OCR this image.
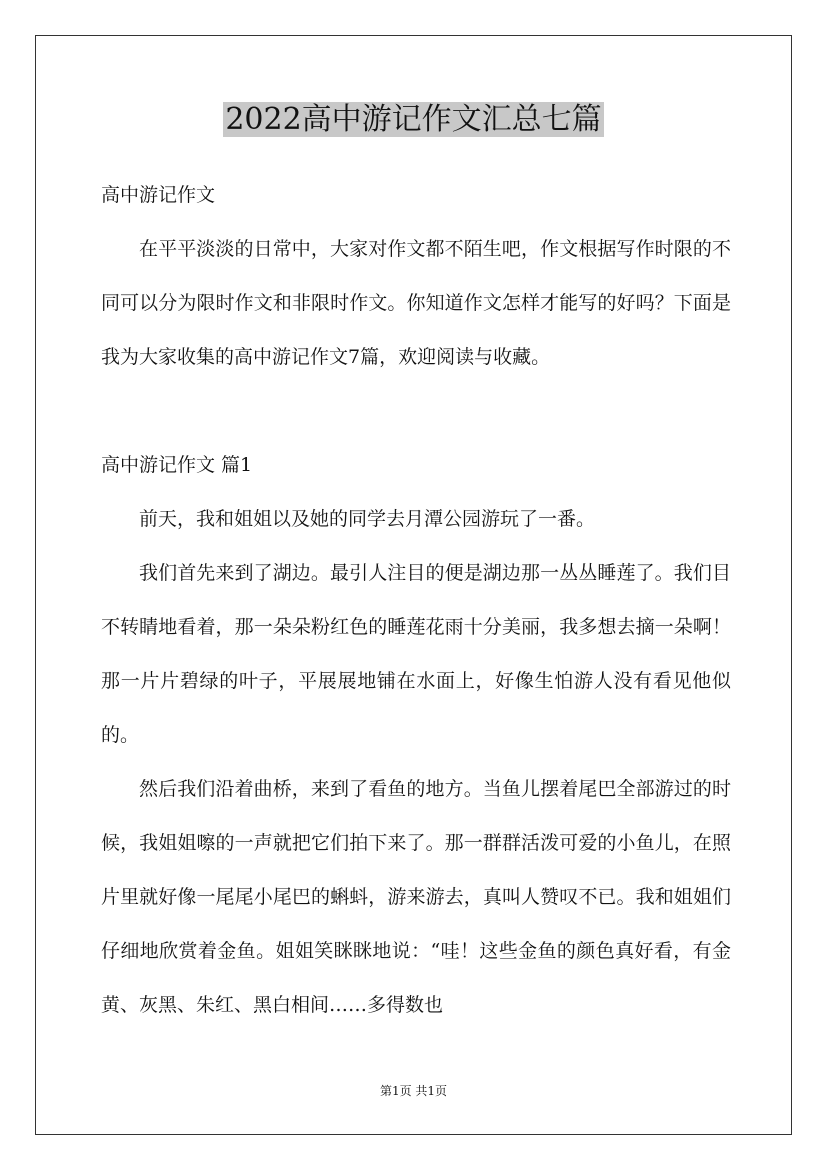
2022高中游记作文汇总七篇

高中游记作文

在平平淡淡的日常中，大家对作文都不陌生吧，作文根据写作时限的不同可以分为限时作文和非限时作文。你知道作文怎样才能写的好吗？下面是我为大家收集的高中游记作文7篇，欢迎阅读与收藏。

高中游记作文 篇1

前天，我和姐姐以及她的同学去月潭公园游玩了一番。

我们首先来到了湖边。最引人注目的便是湖边那一丛丛睡莲了。我们目不转睛地看着，那一朵朵粉红色的睡莲花雨十分美丽，我多想去摘一朵啊！那一片片碧绿的叶子，平展展地铺在水面上，好像生怕游人没有看见他似的。

然后我们沿着曲桥，来到了看鱼的地方。当鱼儿摆着尾巴全部游过的时候，我姐姐嚓的一声就把它们拍下来了。那一群群活泼可爱的小鱼儿，在照片里就好像一尾尾小尾巴的蝌蚪，游来游去，真叫人赞叹不已。我和姐姐们仔细地欣赏着金鱼。姐姐笑眯眯地说：“哇！这些金鱼的颜色真好看，有金黄、灰黑、朱红、黑白相间……多得数也

第1页 共1页
